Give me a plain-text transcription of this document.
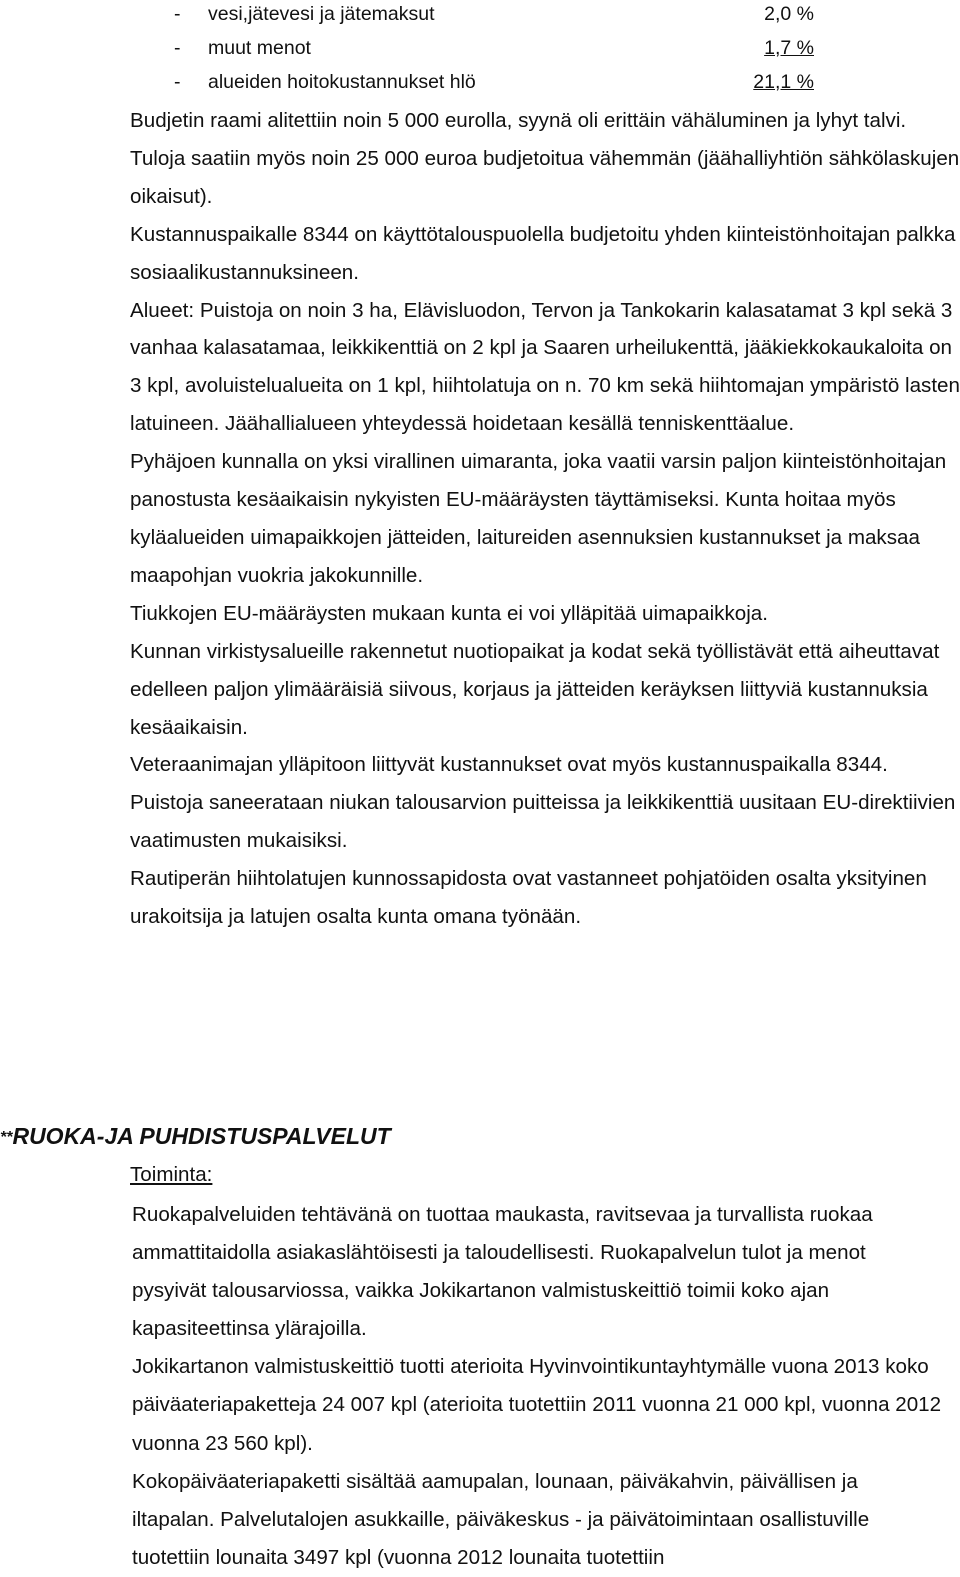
- vesi,jätevesi ja jätemaksut	2,0 %
- muut menot	1,7 %
- alueiden hoitokustannukset hlö	21,1 %

Budjetin raami alitettiin noin 5 000 eurolla, syynä oli erittäin vähäluminen ja lyhyt talvi. Tuloja saatiin myös noin 25 000 euroa budjetoitua vähemmän (jäähalliyhtiön sähkölaskujen oikaisut).

Kustannuspaikalle 8344 on käyttötalouspuolella budjetoitu yhden kiinteistönhoitajan palkka sosiaalikustannuksineen.

Alueet: Puistoja on noin 3 ha, Elävisluodon, Tervon ja Tankokarin kalasatamat 3 kpl sekä 3 vanhaa kalasatamaa, leikkikenttiä on 2 kpl ja Saaren urheilukenttä, jääkiekkokaukaloita on 3 kpl, avoluistelualueita on 1 kpl, hiihtolatuja on n. 70 km sekä hiihtomajan ympäristö lasten latuineen. Jäähallialueen yhteydessä hoidetaan kesällä tenniskenttäalue.

Pyhäjoen kunnalla on yksi virallinen uimaranta, joka vaatii varsin paljon kiinteistönhoitajan panostusta kesäaikaisin nykyisten EU-määräysten täyttämiseksi. Kunta hoitaa myös kyläalueiden uimapaikkojen jätteiden, laitureiden asennuksien kustannukset ja maksaa maapohjan vuokria jakokunnille.

Tiukkojen EU-määräysten mukaan kunta ei voi ylläpitää uimapaikkoja.

Kunnan virkistysalueille rakennetut nuotiopaikat ja kodat sekä työllistävät että aiheuttavat edelleen paljon ylimääräisiä siivous, korjaus ja jätteiden keräyksen liittyviä kustannuksia kesäaikaisin.

Veteraanimajan ylläpitoon liittyvät kustannukset ovat myös kustannuspaikalla 8344.

Puistoja saneerataan niukan talousarvion puitteissa ja leikkikenttiä uusitaan EU-direktiivien vaatimusten mukaisiksi.

Rautiperän hiihtolatujen kunnossapidosta ovat vastanneet pohjatöiden osalta yksityinen urakoitsija ja latujen osalta kunta omana työnään.

**RUOKA-JA PUHDISTUSPALVELUT
Toiminta:

Ruokapalveluiden tehtävänä on tuottaa maukasta, ravitsevaa ja turvallista ruokaa ammattitaidolla asiakaslähtöisesti ja taloudellisesti. Ruokapalvelun tulot ja menot pysyivät talousarviossa, vaikka Jokikartanon valmistuskeittiö toimii koko ajan kapasiteettinsa ylärajoilla.

Jokikartanon valmistuskeittiö tuotti aterioita Hyvinvointikuntayhtymälle vuona 2013 koko päiväateriapaketteja 24 007 kpl (aterioita tuotettiin 2011 vuonna 21 000 kpl, vuonna 2012 vuonna 23 560 kpl).

Kokopäiväateriapaketti sisältää aamupalan, lounaan, päiväkahvin, päivällisen ja iltapalan. Palvelutalojen asukkaille, päiväkeskus - ja päivätoimintaan osallistuville tuotettiin lounaita 3497 kpl (vuonna 2012 lounaita tuotettiin
